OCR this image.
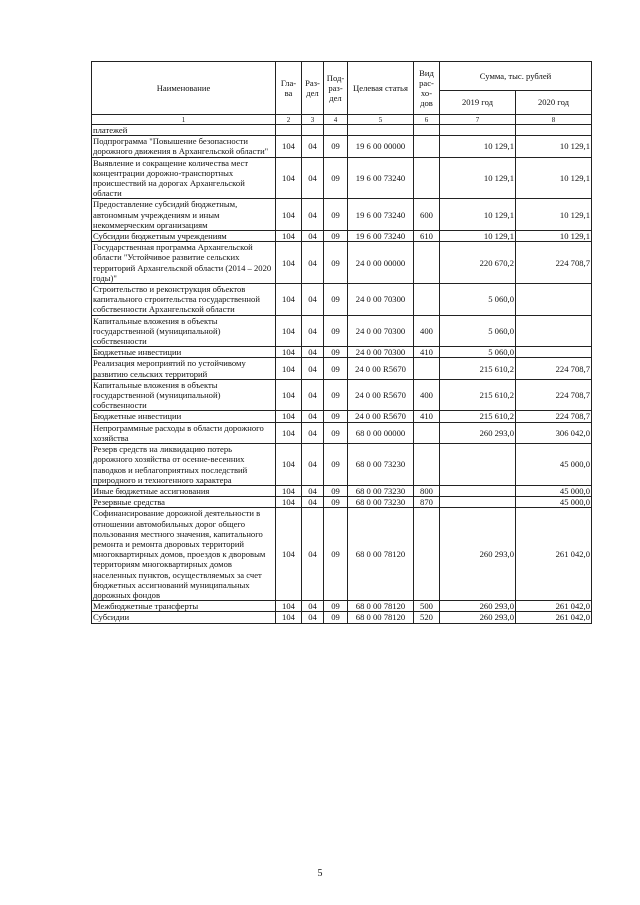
Наименование	Гла-ва	Раз-дел	Под-раз-дел	Целевая статья	Вид рас-хо-дов	Сумма, тыс. рублей	
						2019 год	2020 год
1	2	3	4	5	6	7	8
платежей							
Подпрограмма "Повышение безопасности дорожного движения в Архангельской области"	104	04	09	19 6 00 00000		10 129,1	10 129,1
Выявление и сокращение количества мест концентрации дорожно-транспортных происшествий на дорогах Архангельской области	104	04	09	19 6 00 73240		10 129,1	10 129,1
Предоставление субсидий бюджетным, автономным учреждениям и иным некоммерческим организациям	104	04	09	19 6 00 73240	600	10 129,1	10 129,1
Субсидии бюджетным учреждениям	104	04	09	19 6 00 73240	610	10 129,1	10 129,1
Государственная программа Архангельской области "Устойчивое развитие сельских территорий Архангельской области (2014 – 2020 годы)"	104	04	09	24 0 00 00000		220 670,2	224 708,7
Строительство и реконструкция объектов капитального строительства государственной собственности Архангельской области	104	04	09	24 0 00 70300		5 060,0	
Капитальные вложения в объекты государственной (муниципальной) собственности	104	04	09	24 0 00 70300	400	5 060,0	
Бюджетные инвестиции	104	04	09	24 0 00 70300	410	5 060,0	
Реализация мероприятий по устойчивому развитию сельских территорий	104	04	09	24 0 00 R5670		215 610,2	224 708,7
Капитальные вложения в объекты государственной (муниципальной) собственности	104	04	09	24 0 00 R5670	400	215 610,2	224 708,7
Бюджетные инвестиции	104	04	09	24 0 00 R5670	410	215 610,2	224 708,7
Непрограммные расходы в области дорожного хозяйства	104	04	09	68 0 00 00000		260 293,0	306 042,0
Резерв средств на ликвидацию потерь дорожного хозяйства от осенне-весенних паводков и неблагоприятных последствий природного и техногенного характера	104	04	09	68 0 00 73230			45 000,0
Иные бюджетные ассигнования	104	04	09	68 0 00 73230	800		45 000,0
Резервные средства	104	04	09	68 0 00 73230	870		45 000,0
Софинансирование дорожной деятельности в отношении автомобильных дорог общего пользования местного значения, капитального ремонта и ремонта дворовых территорий многоквартирных домов, проездов к дворовым территориям многоквартирных домов населенных пунктов, осуществляемых за счет бюджетных ассигнований муниципальных дорожных фондов	104	04	09	68 0 00 78120		260 293,0	261 042,0
Межбюджетные трансферты	104	04	09	68 0 00 78120	500	260 293,0	261 042,0
Субсидии	104	04	09	68 0 00 78120	520	260 293,0	261 042,0
5
